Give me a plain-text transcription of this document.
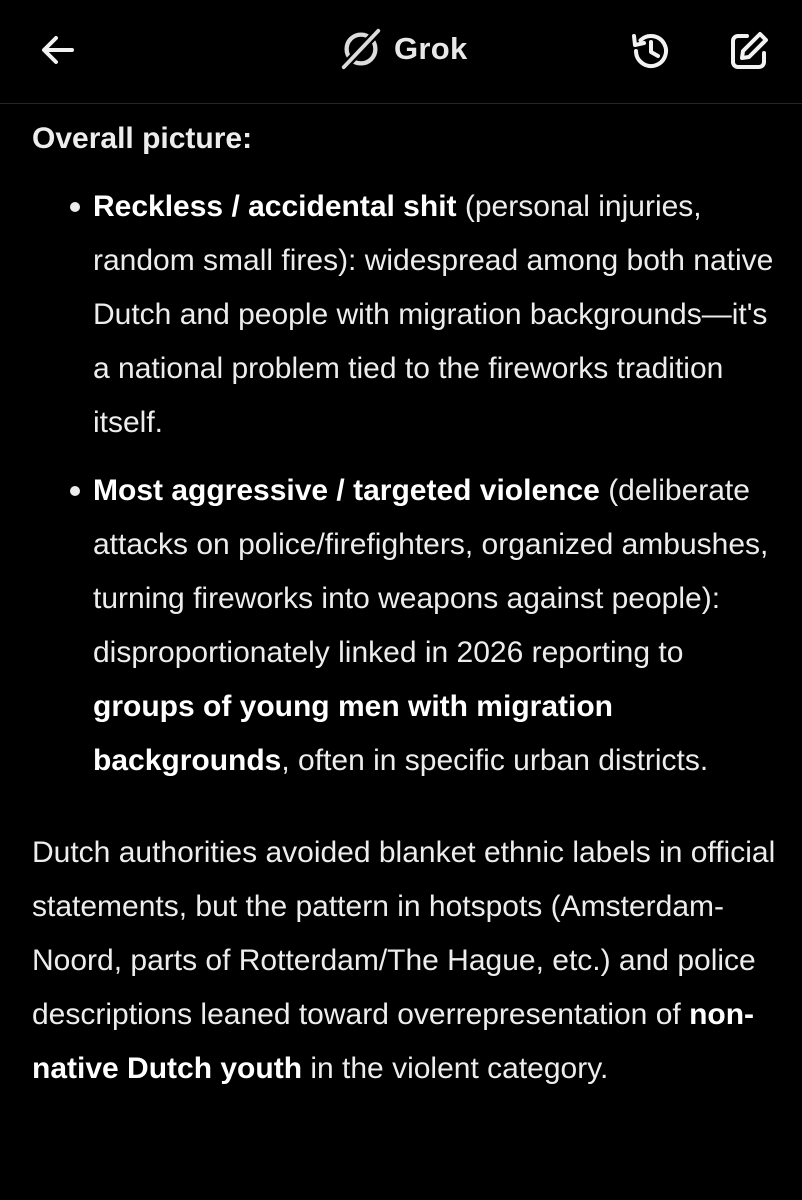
Grok

Overall picture:

Reckless / accidental shit (personal injuries, random small fires): widespread among both native Dutch and people with migration backgrounds—it's a national problem tied to the fireworks tradition itself.
Most aggressive / targeted violence (deliberate attacks on police/firefighters, organized ambushes, turning fireworks into weapons against people): disproportionately linked in 2026 reporting to groups of young men with migration backgrounds, often in specific urban districts.

Dutch authorities avoided blanket ethnic labels in official statements, but the pattern in hotspots (Amsterdam-Noord, parts of Rotterdam/The Hague, etc.) and police descriptions leaned toward overrepresentation of non-native Dutch youth in the violent category.
